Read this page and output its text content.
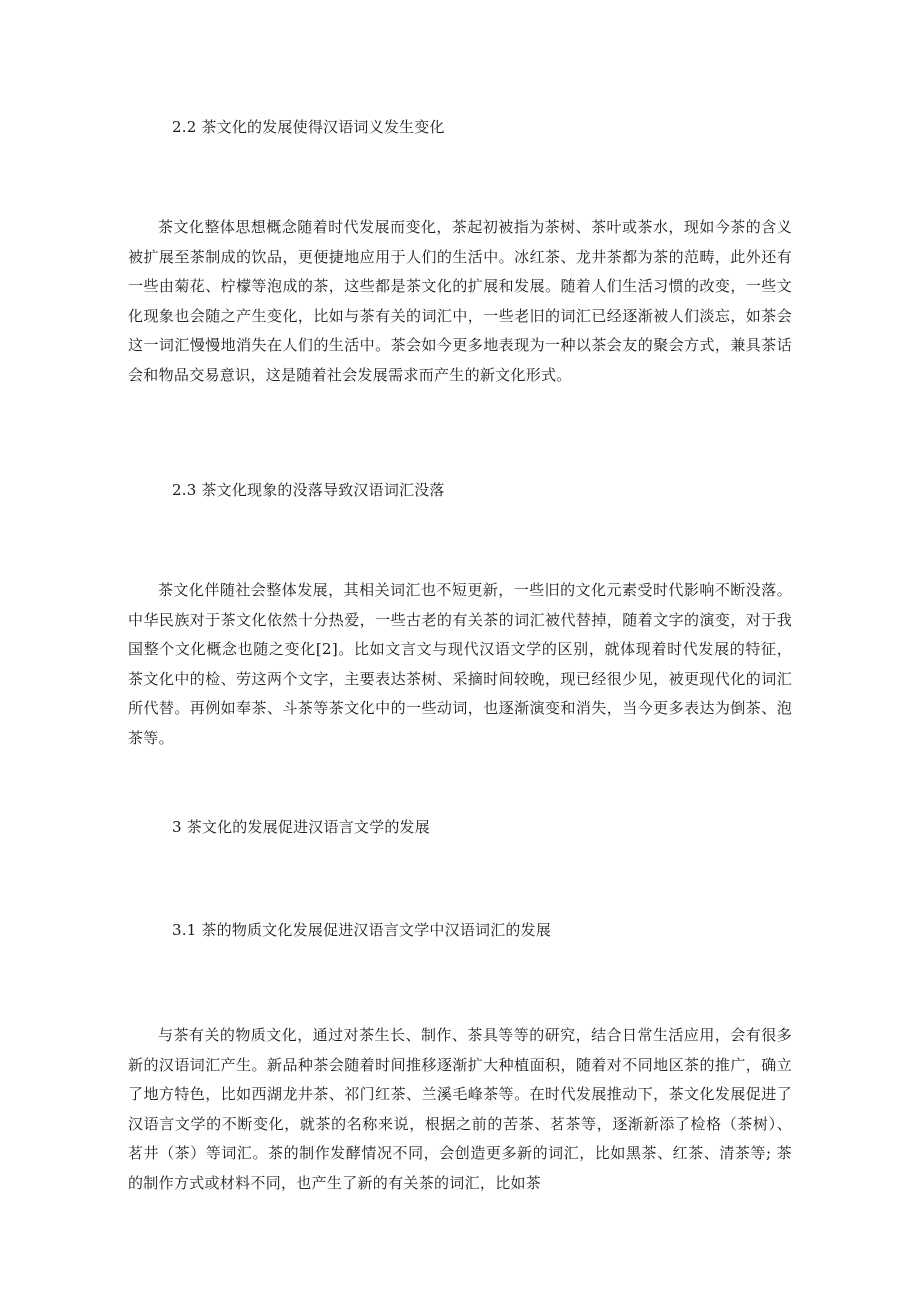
2.2 茶文化的发展使得汉语词义发生变化
茶文化整体思想概念随着时代发展而变化，茶起初被指为茶树、茶叶或茶水，现如今茶的含义被扩展至茶制成的饮品，更便捷地应用于人们的生活中。冰红茶、龙井茶都为茶的范畴，此外还有一些由菊花、柠檬等泡成的茶，这些都是茶文化的扩展和发展。随着人们生活习惯的改变，一些文化现象也会随之产生变化，比如与茶有关的词汇中，一些老旧的词汇已经逐渐被人们淡忘，如茶会这一词汇慢慢地消失在人们的生活中。茶会如今更多地表现为一种以茶会友的聚会方式，兼具茶话会和物品交易意识，这是随着社会发展需求而产生的新文化形式。
2.3 茶文化现象的没落导致汉语词汇没落
茶文化伴随社会整体发展，其相关词汇也不短更新，一些旧的文化元素受时代影响不断没落。中华民族对于茶文化依然十分热爱，一些古老的有关茶的词汇被代替掉，随着文字的演变，对于我国整个文化概念也随之变化[2]。比如文言文与现代汉语文学的区别，就体现着时代发展的特征，茶文化中的检、劳这两个文字，主要表达茶树、采摘时间较晚，现已经很少见，被更现代化的词汇所代替。再例如奉茶、斗茶等茶文化中的一些动词，也逐渐演变和消失，当今更多表达为倒茶、泡茶等。
3 茶文化的发展促进汉语言文学的发展
3.1 茶的物质文化发展促进汉语言文学中汉语词汇的发展
与茶有关的物质文化，通过对茶生长、制作、茶具等等的研究，结合日常生活应用，会有很多新的汉语词汇产生。新品种茶会随着时间推移逐渐扩大种植面积，随着对不同地区茶的推广，确立了地方特色，比如西湖龙井茶、祁门红茶、兰溪毛峰茶等。在时代发展推动下，茶文化发展促进了汉语言文学的不断变化，就茶的名称来说，根据之前的苦茶、茗茶等，逐渐新添了检格（茶树）、茗井（茶）等词汇。茶的制作发酵情况不同，会创造更多新的词汇，比如黑茶、红茶、清茶等; 茶的制作方式或材料不同，也产生了新的有关茶的词汇，比如茶
